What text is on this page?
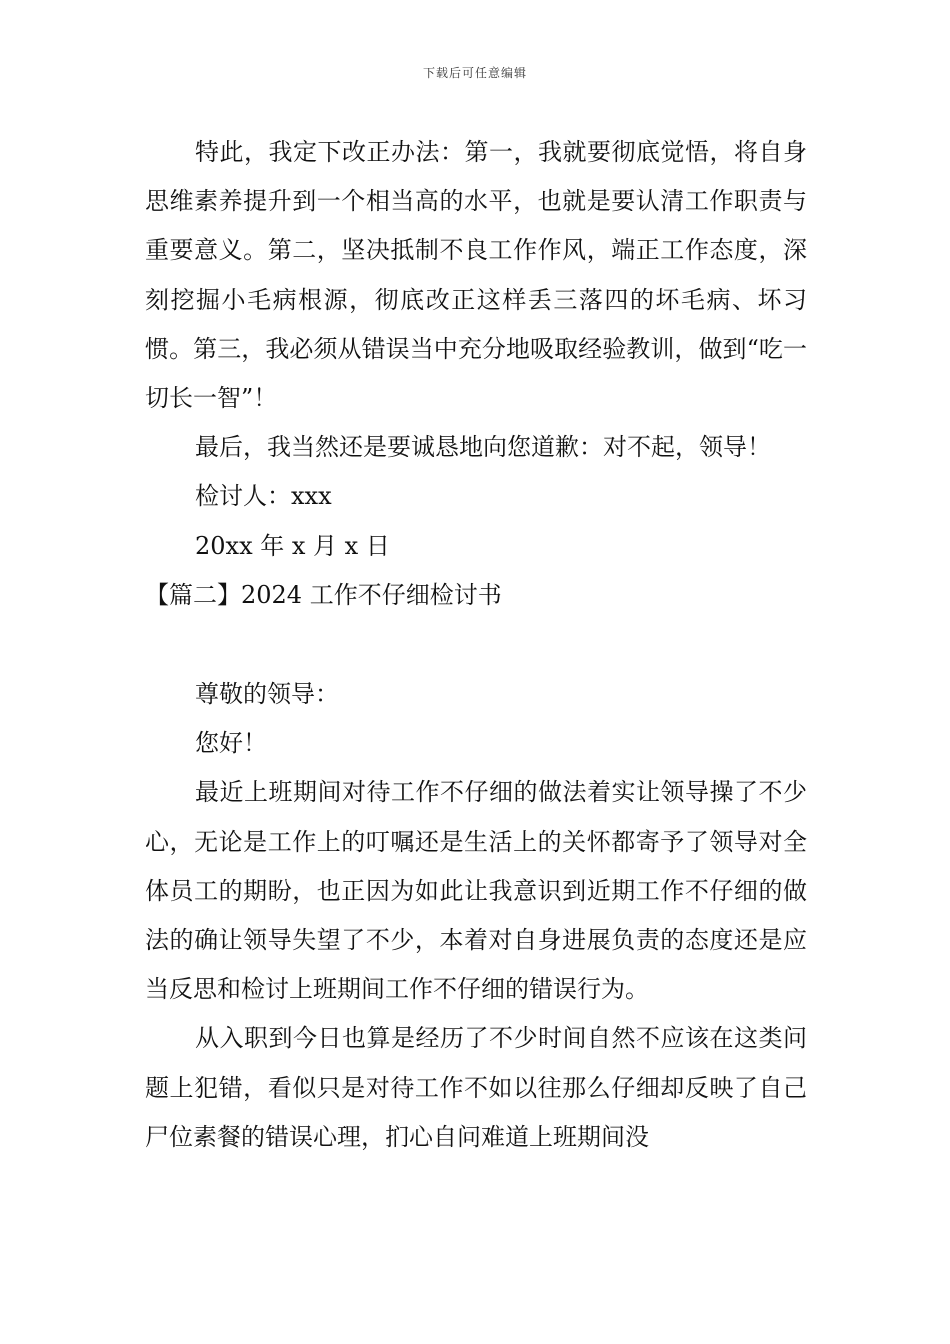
下载后可任意编辑

特此，我定下改正办法：第一，我就要彻底觉悟，将自身思维素养提升到一个相当高的水平，也就是要认清工作职责与重要意义。第二，坚决抵制不良工作作风，端正工作态度，深刻挖掘小毛病根源，彻底改正这样丢三落四的坏毛病、坏习惯。第三，我必须从错误当中充分地吸取经验教训，做到“吃一切长一智”！

最后，我当然还是要诚恳地向您道歉：对不起，领导！

检讨人：xxx

20xx 年 x 月 x 日

【篇二】2024 工作不仔细检讨书

尊敬的领导：

您好！

最近上班期间对待工作不仔细的做法着实让领导操了不少心，无论是工作上的叮嘱还是生活上的关怀都寄予了领导对全体员工的期盼，也正因为如此让我意识到近期工作不仔细的做法的确让领导失望了不少，本着对自身进展负责的态度还是应当反思和检讨上班期间工作不仔细的错误行为。

从入职到今日也算是经历了不少时间自然不应该在这类问题上犯错，看似只是对待工作不如以往那么仔细却反映了自己尸位素餐的错误心理，扪心自问难道上班期间没
